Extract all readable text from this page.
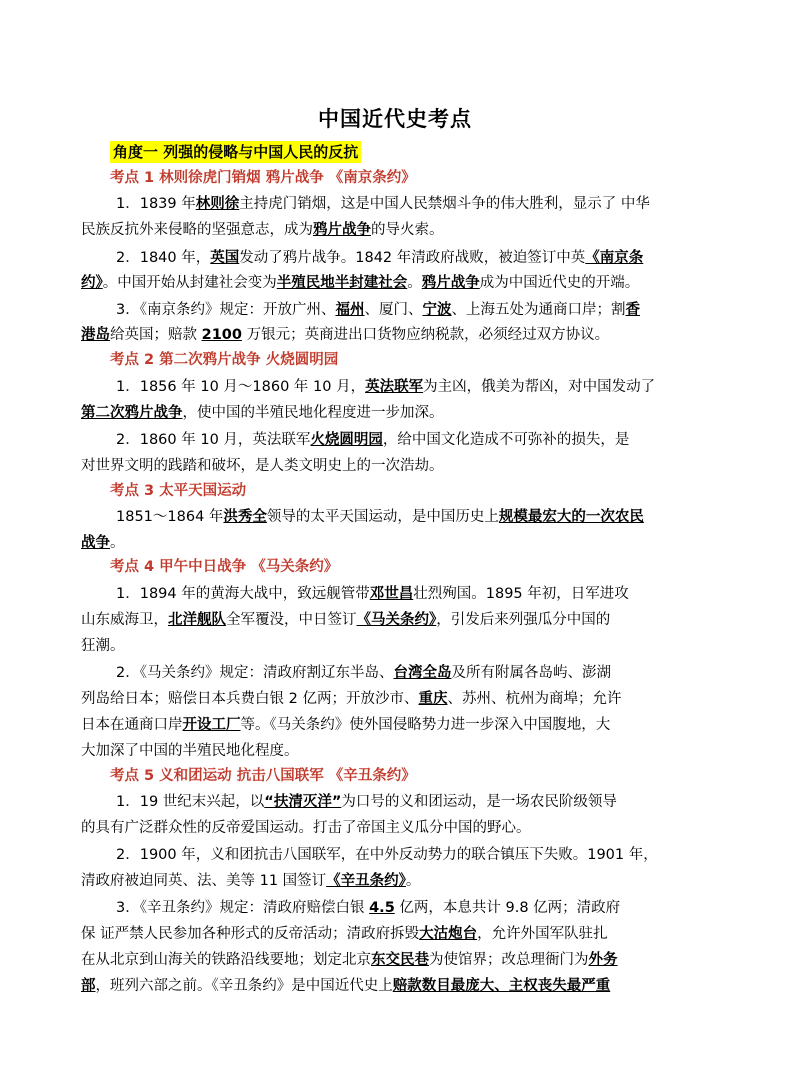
中国近代史考点
角度一 列强的侵略与中国人民的反抗
考点 1 林则徐虎门销烟 鸦片战争 《南京条约》
1．1839 年林则徐主持虎门销烟，这是中国人民禁烟斗争的伟大胜利，显示了 中华
民族反抗外来侵略的坚强意志，成为鸦片战争的导火索。
2．1840 年，英国发动了鸦片战争。1842 年清政府战败，被迫签订中英《南京条
约》。中国开始从封建社会变为半殖民地半封建社会。鸦片战争成为中国近代史的开端。
3．《南京条约》规定：开放广州、福州、厦门、宁波、上海五处为通商口岸；割香
港岛给英国；赔款 2100 万银元；英商进出口货物应纳税款，必须经过双方协议。
考点 2 第二次鸦片战争 火烧圆明园
1．1856 年 10 月～1860 年 10 月，英法联军为主凶，俄美为帮凶，对中国发动了
第二次鸦片战争，使中国的半殖民地化程度进一步加深。
2．1860 年 10 月，英法联军火烧圆明园，给中国文化造成不可弥补的损失，是
对世界文明的践踏和破坏，是人类文明史上的一次浩劫。
考点 3 太平天国运动
1851～1864 年洪秀全领导的太平天国运动，是中国历史上规模最宏大的一次农民
战争。
考点 4 甲午中日战争 《马关条约》
1．1894 年的黄海大战中，致远舰管带邓世昌壮烈殉国。1895 年初，日军进攻
山东威海卫，北洋舰队全军覆没，中日签订《马关条约》，引发后来列强瓜分中国的
狂潮。
2．《马关条约》规定：清政府割辽东半岛、台湾全岛及所有附属各岛屿、澎湖
列岛给日本；赔偿日本兵费白银 2 亿两；开放沙市、重庆、苏州、杭州为商埠；允许
日本在通商口岸开设工厂等。《马关条约》使外国侵略势力进一步深入中国腹地，大
大加深了中国的半殖民地化程度。
考点 5 义和团运动 抗击八国联军 《辛丑条约》
1．19 世纪末兴起，以“扶清灭洋”为口号的义和团运动，是一场农民阶级领导
的具有广泛群众性的反帝爱国运动。打击了帝国主义瓜分中国的野心。
2．1900 年，义和团抗击八国联军，在中外反动势力的联合镇压下失败。1901 年，
清政府被迫同英、法、美等 11 国签订《辛丑条约》。
3．《辛丑条约》规定：清政府赔偿白银 4.5 亿两，本息共计 9.8 亿两；清政府
保 证严禁人民参加各种形式的反帝活动；清政府拆毁大沽炮台，允许外国军队驻扎
在从北京到山海关的铁路沿线要地；划定北京东交民巷为使馆界；改总理衙门为外务
部，班列六部之前。《辛丑条约》是中国近代史上赔款数目最庞大、主权丧失最严重
